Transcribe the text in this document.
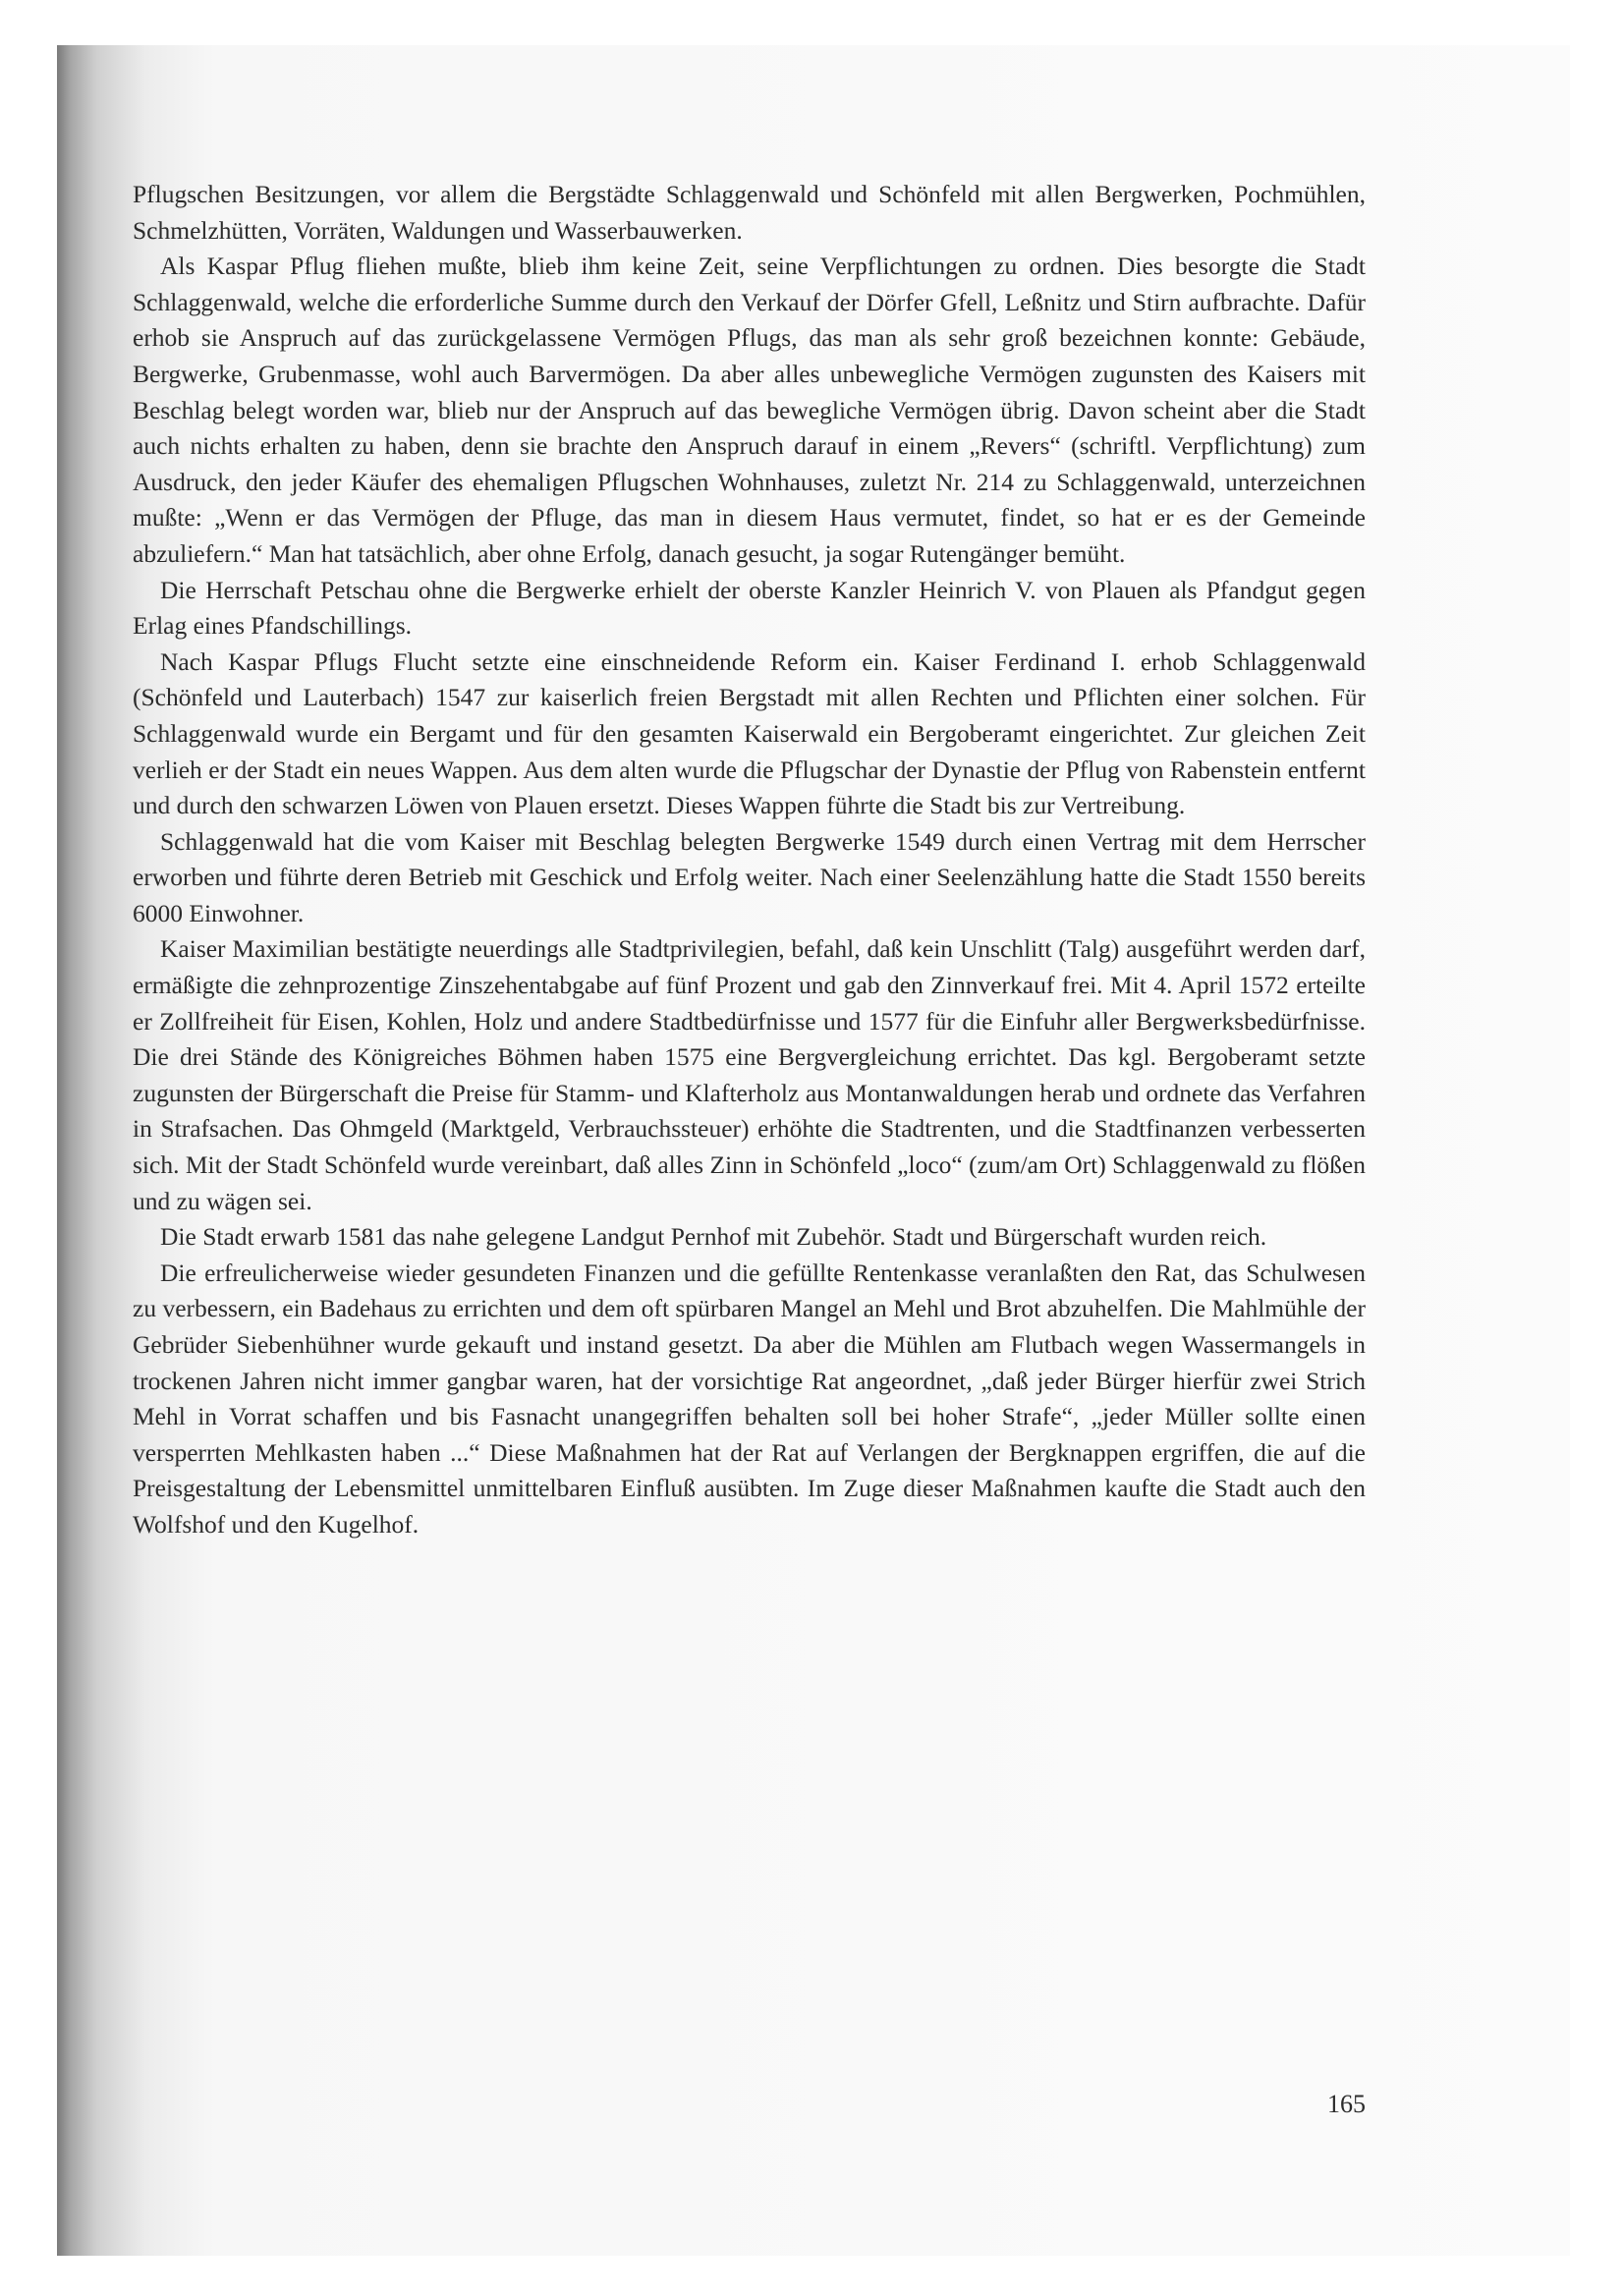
Pflugschen Besitzungen, vor allem die Bergstädte Schlaggenwald und Schönfeld mit allen Bergwerken, Pochmühlen, Schmelzhütten, Vorräten, Waldungen und Wasserbauwerken.

Als Kaspar Pflug fliehen mußte, blieb ihm keine Zeit, seine Verpflichtungen zu ordnen. Dies besorgte die Stadt Schlaggenwald, welche die erforderliche Summe durch den Verkauf der Dörfer Gfell, Leßnitz und Stirn aufbrachte. Dafür erhob sie Anspruch auf das zurückgelassene Vermögen Pflugs, das man als sehr groß bezeichnen konnte: Gebäude, Bergwerke, Grubenmasse, wohl auch Barvermögen. Da aber alles unbewegliche Vermögen zugunsten des Kaisers mit Beschlag belegt worden war, blieb nur der Anspruch auf das bewegliche Vermögen übrig. Davon scheint aber die Stadt auch nichts erhalten zu haben, denn sie brachte den Anspruch darauf in einem „Revers“ (schriftl. Verpflichtung) zum Ausdruck, den jeder Käufer des ehemaligen Pflugschen Wohnhauses, zuletzt Nr. 214 zu Schlaggenwald, unterzeichnen mußte: „Wenn er das Vermögen der Pfluge, das man in diesem Haus vermutet, findet, so hat er es der Gemeinde abzuliefern.“ Man hat tatsächlich, aber ohne Erfolg, danach gesucht, ja sogar Rutengänger bemüht.

Die Herrschaft Petschau ohne die Bergwerke erhielt der oberste Kanzler Heinrich V. von Plauen als Pfandgut gegen Erlag eines Pfandschillings.

Nach Kaspar Pflugs Flucht setzte eine einschneidende Reform ein. Kaiser Ferdinand I. erhob Schlaggenwald (Schönfeld und Lauterbach) 1547 zur kaiserlich freien Bergstadt mit allen Rechten und Pflichten einer solchen. Für Schlaggenwald wurde ein Bergamt und für den gesamten Kaiserwald ein Bergoberamt eingerichtet. Zur gleichen Zeit verlieh er der Stadt ein neues Wappen. Aus dem alten wurde die Pflugschar der Dynastie der Pflug von Rabenstein entfernt und durch den schwarzen Löwen von Plauen ersetzt. Dieses Wappen führte die Stadt bis zur Vertreibung.

Schlaggenwald hat die vom Kaiser mit Beschlag belegten Bergwerke 1549 durch einen Vertrag mit dem Herrscher erworben und führte deren Betrieb mit Geschick und Erfolg weiter. Nach einer Seelenzählung hatte die Stadt 1550 bereits 6000 Einwohner.

Kaiser Maximilian bestätigte neuerdings alle Stadtprivilegien, befahl, daß kein Unschlitt (Talg) ausgeführt werden darf, ermäßigte die zehnprozentige Zinszehentabgabe auf fünf Prozent und gab den Zinnverkauf frei. Mit 4. April 1572 erteilte er Zollfreiheit für Eisen, Kohlen, Holz und andere Stadtbedürfnisse und 1577 für die Einfuhr aller Bergwerksbedürfnisse. Die drei Stände des Königreiches Böhmen haben 1575 eine Bergvergleichung errichtet. Das kgl. Bergoberamt setzte zugunsten der Bürgerschaft die Preise für Stamm- und Klafterholz aus Montanwaldungen herab und ordnete das Verfahren in Strafsachen. Das Ohmgeld (Marktgeld, Verbrauchssteuer) erhöhte die Stadtrenten, und die Stadtfinanzen verbesserten sich. Mit der Stadt Schönfeld wurde vereinbart, daß alles Zinn in Schönfeld „loco“ (zum/am Ort) Schlaggenwald zu flößen und zu wägen sei.

Die Stadt erwarb 1581 das nahe gelegene Landgut Pernhof mit Zubehör. Stadt und Bürgerschaft wurden reich.

Die erfreulicherweise wieder gesundeten Finanzen und die gefüllte Rentenkasse veranlaßten den Rat, das Schulwesen zu verbessern, ein Badehaus zu errichten und dem oft spürbaren Mangel an Mehl und Brot abzuhelfen. Die Mahlmühle der Gebrüder Siebenhühner wurde gekauft und instand gesetzt. Da aber die Mühlen am Flutbach wegen Wassermangels in trockenen Jahren nicht immer gangbar waren, hat der vorsichtige Rat angeordnet, „daß jeder Bürger hierfür zwei Strich Mehl in Vorrat schaffen und bis Fasnacht unangegriffen behalten soll bei hoher Strafe“, „jeder Müller sollte einen versperrten Mehlkasten haben ...“ Diese Maßnahmen hat der Rat auf Verlangen der Bergknappen ergriffen, die auf die Preisgestaltung der Lebensmittel unmittelbaren Einfluß ausübten. Im Zuge dieser Maßnahmen kaufte die Stadt auch den Wolfshof und den Kugelhof.

165
